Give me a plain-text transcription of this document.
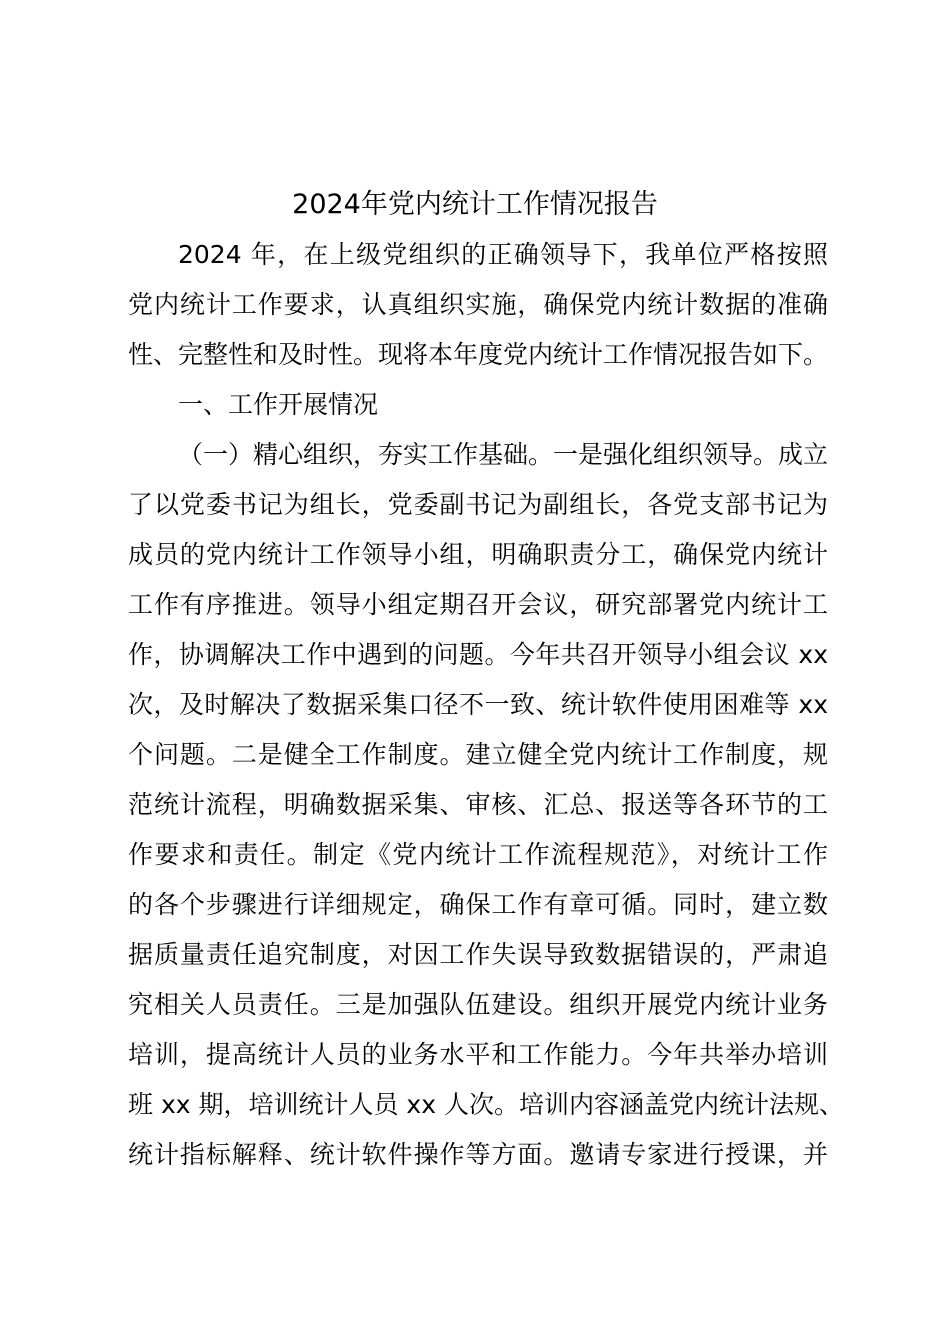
2024年党内统计工作情况报告
2024 年，在上级党组织的正确领导下，我单位严格按照
党内统计工作要求，认真组织实施，确保党内统计数据的准确
性、完整性和及时性。现将本年度党内统计工作情况报告如下。
一、工作开展情况
（一）精心组织，夯实工作基础。一是强化组织领导。成立
了以党委书记为组长，党委副书记为副组长，各党支部书记为
成员的党内统计工作领导小组，明确职责分工，确保党内统计
工作有序推进。领导小组定期召开会议，研究部署党内统计工
作，协调解决工作中遇到的问题。今年共召开领导小组会议 xx
次，及时解决了数据采集口径不一致、统计软件使用困难等 xx
个问题。二是健全工作制度。建立健全党内统计工作制度，规
范统计流程，明确数据采集、审核、汇总、报送等各环节的工
作要求和责任。制定《党内统计工作流程规范》，对统计工作
的各个步骤进行详细规定，确保工作有章可循。同时，建立数
据质量责任追究制度，对因工作失误导致数据错误的，严肃追
究相关人员责任。三是加强队伍建设。组织开展党内统计业务
培训，提高统计人员的业务水平和工作能力。今年共举办培训
班 xx 期，培训统计人员 xx 人次。培训内容涵盖党内统计法规、
统计指标解释、统计软件操作等方面。邀请专家进行授课，并
